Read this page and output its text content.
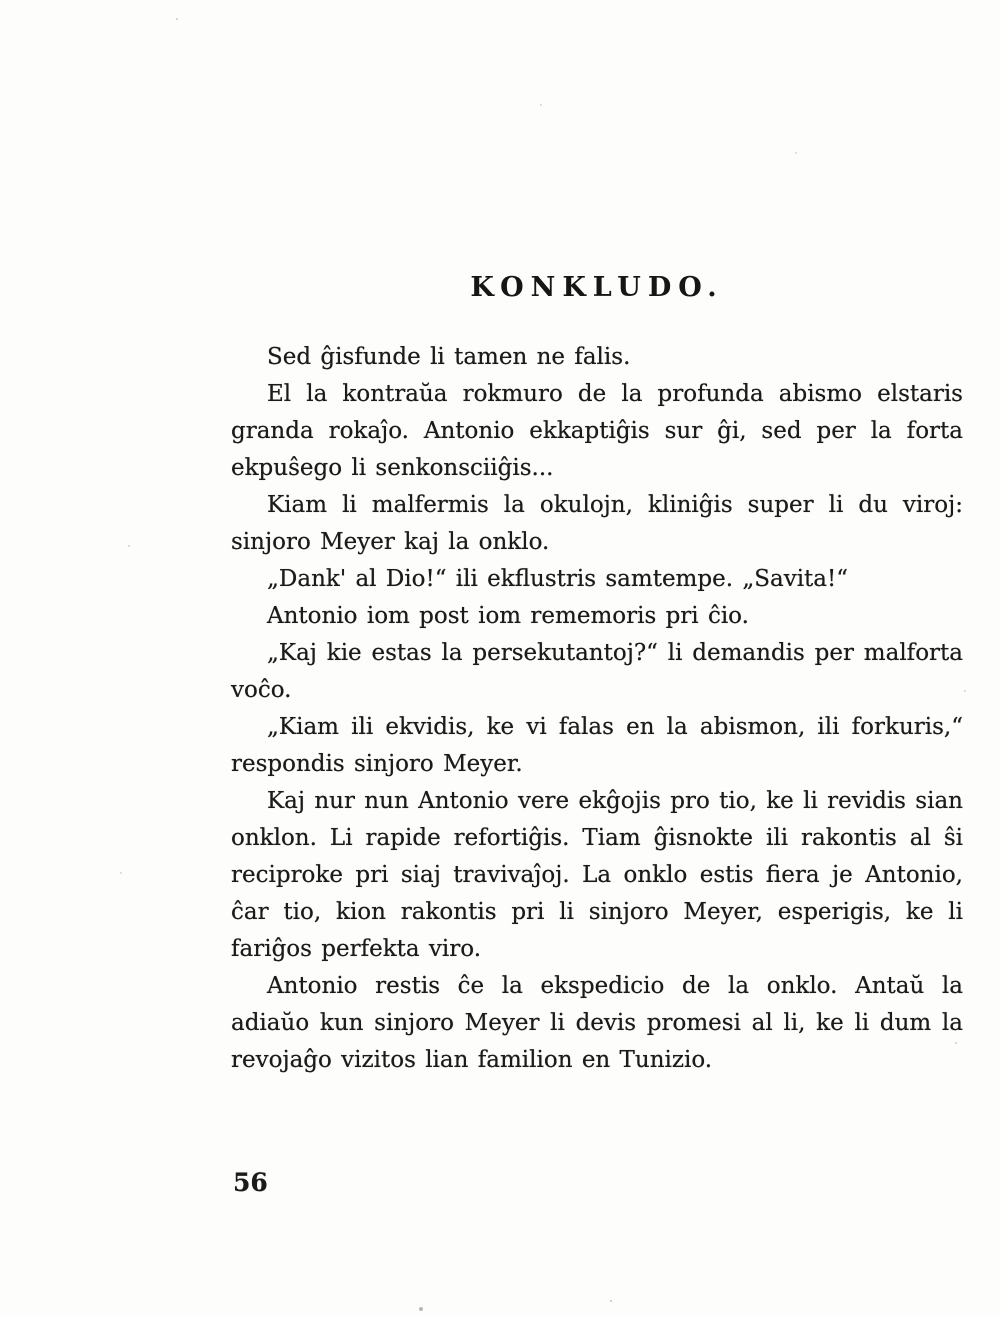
KONKLUDO.

Sed ĝisfunde li tamen ne falis.

El la kontraŭa rokmuro de la profunda abismo elstaris granda rokaĵo. Antonio ekkaptiĝis sur ĝi, sed per la forta ekpuŝego li senkonsciiĝis...

Kiam li malfermis la okulojn, kliniĝis super li du viroj: sinjoro Meyer kaj la onklo.

„Dank' al Dio!“ ili ekflustris samtempe. „Savita!“

Antonio iom post iom rememoris pri ĉio.

„Kaj kie estas la persekutantoj?“ li demandis per malforta voĉo.

„Kiam ili ekvidis, ke vi falas en la abismon, ili forkuris,“ respondis sinjoro Meyer.

Kaj nur nun Antonio vere ekĝojis pro tio, ke li revidis sian onklon. Li rapide refortiĝis. Tiam ĝisnokte ili rakontis al ŝi reciproke pri siaj travivaĵoj. La onklo estis fiera je Antonio, ĉar tio, kion rakontis pri li sinjoro Meyer, esperigis, ke li fariĝos perfekta viro.

Antonio restis ĉe la ekspedicio de la onklo. Antaŭ la adiaŭo kun sinjoro Meyer li devis promesi al li, ke li dum la revojaĝo vizitos lian familion en Tunizio.

56
